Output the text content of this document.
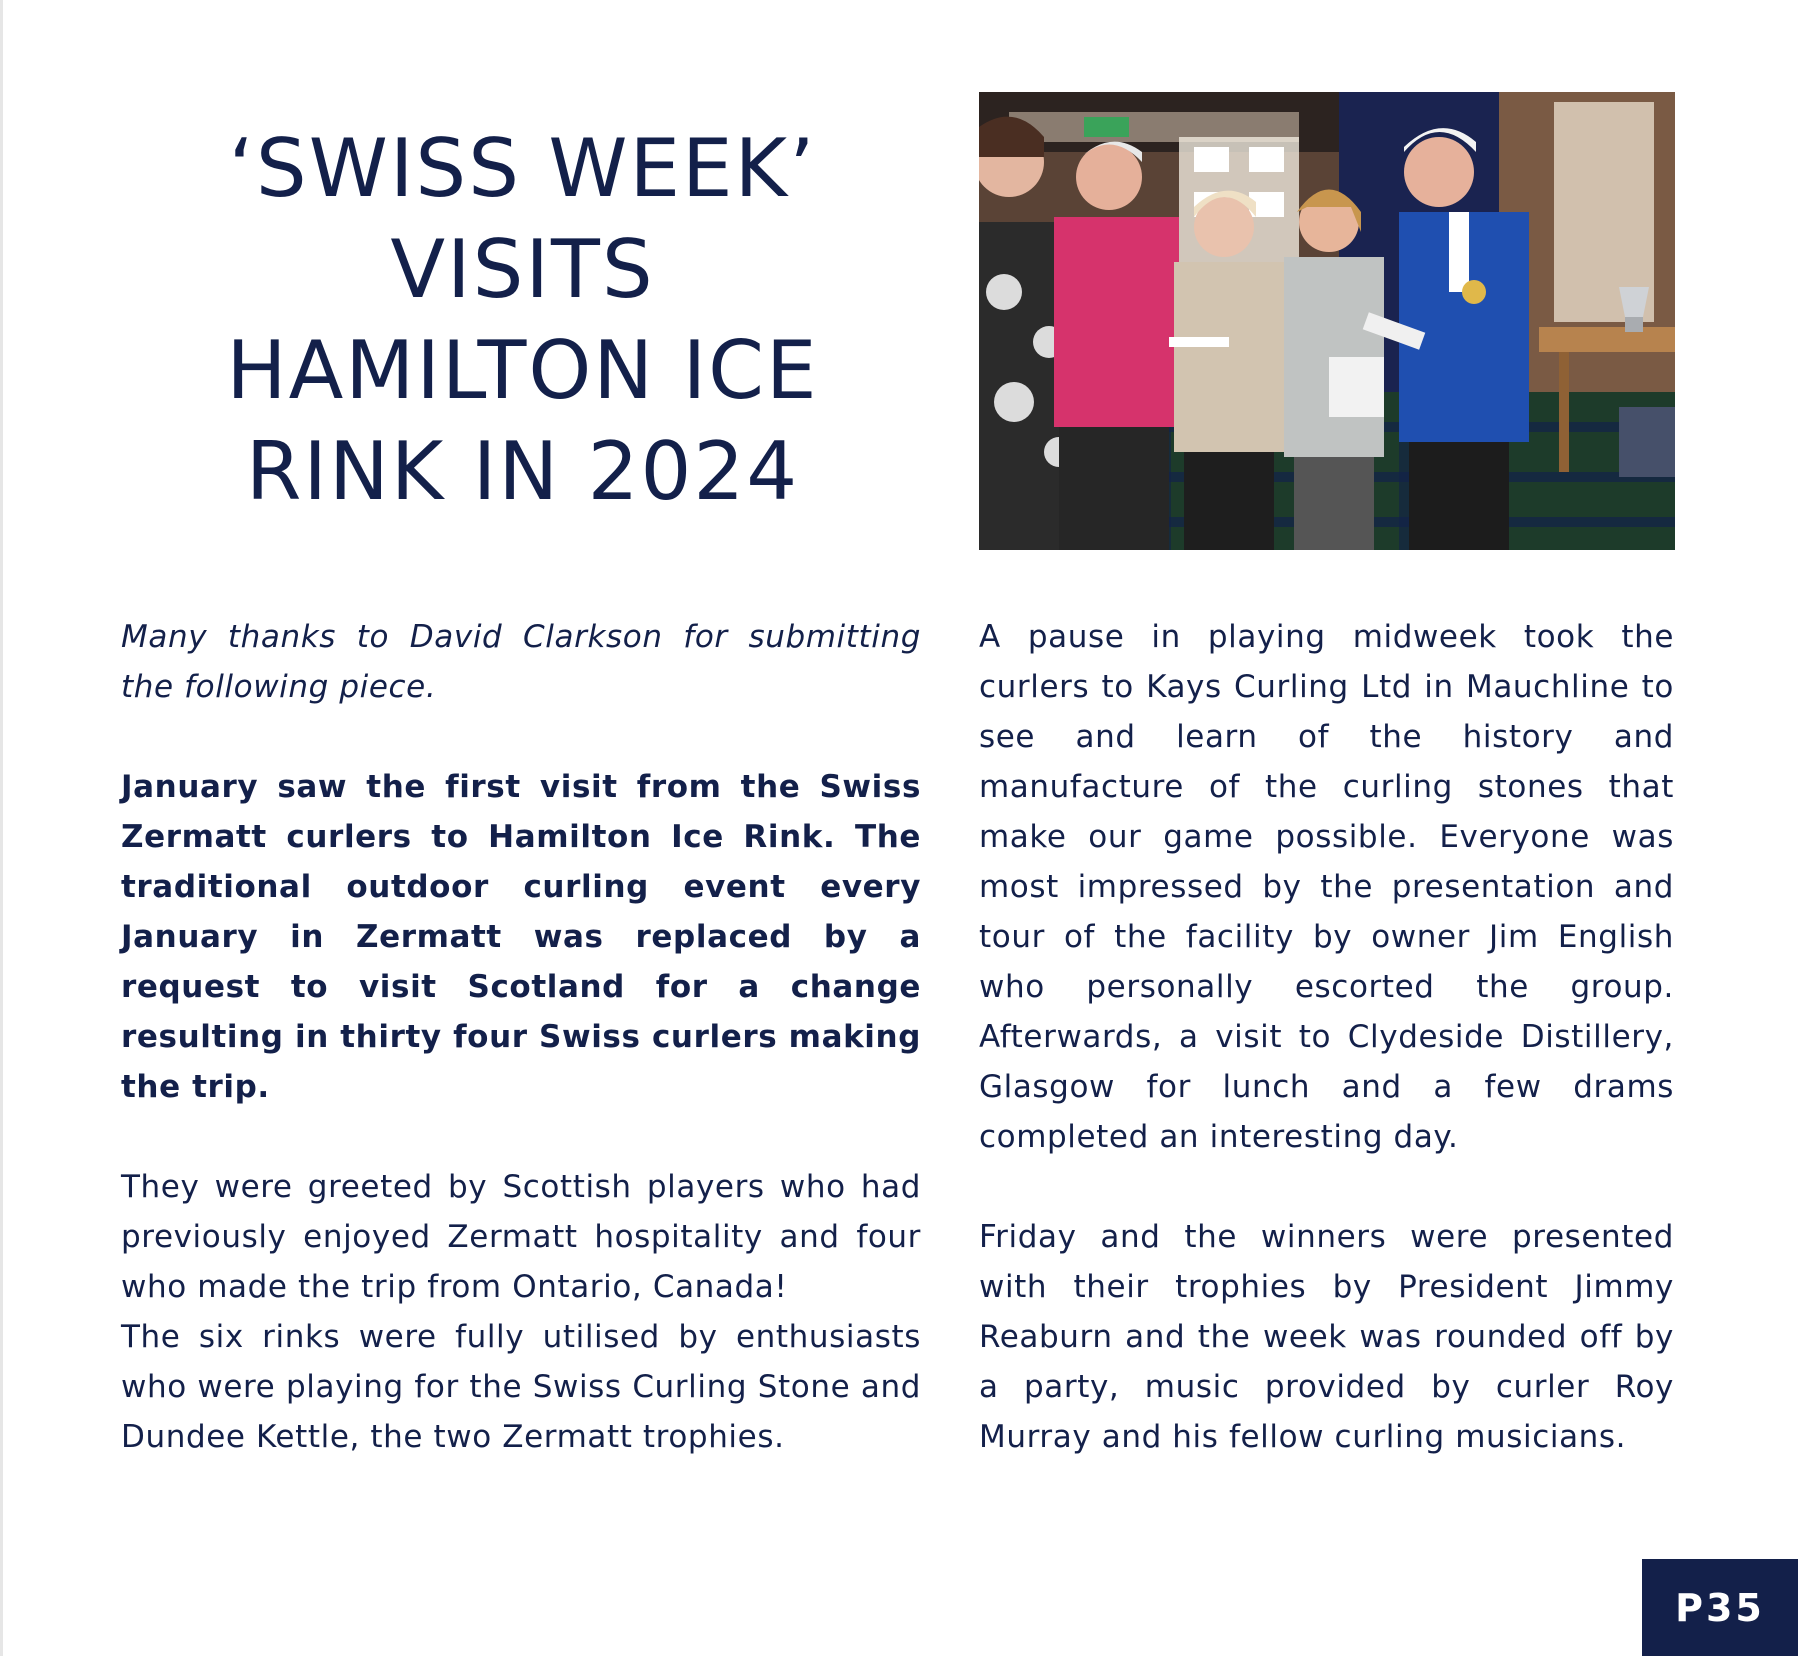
‘SWISS WEEK’
VISITS
HAMILTON ICE
RINK IN 2024

Many thanks to David Clarkson for submitting the following piece.

January saw the first visit from the Swiss Zermatt curlers to Hamilton Ice Rink. The traditional outdoor curling event every January in Zermatt was replaced by a request to visit Scotland for a change resulting in thirty four Swiss curlers making the trip.

They were greeted by Scottish players who had previously enjoyed Zermatt hospitality and four who made the trip from Ontario, Canada!

The six rinks were fully utilised by enthusiasts who were playing for the Swiss Curling Stone and Dundee Kettle, the two Zermatt trophies.

A pause in playing midweek took the curlers to Kays Curling Ltd in Mauchline to see and learn of the history and manufacture of the curling stones that make our game possible. Everyone was most impressed by the presentation and tour of the facility by owner Jim English who personally escorted the group. Afterwards, a visit to Clydeside Distillery, Glasgow for lunch and a few drams completed an interesting day.

Friday and the winners were presented with their trophies by President Jimmy Reaburn and the week was rounded off by a party, music provided by curler Roy Murray and his fellow curling musicians.

P35
